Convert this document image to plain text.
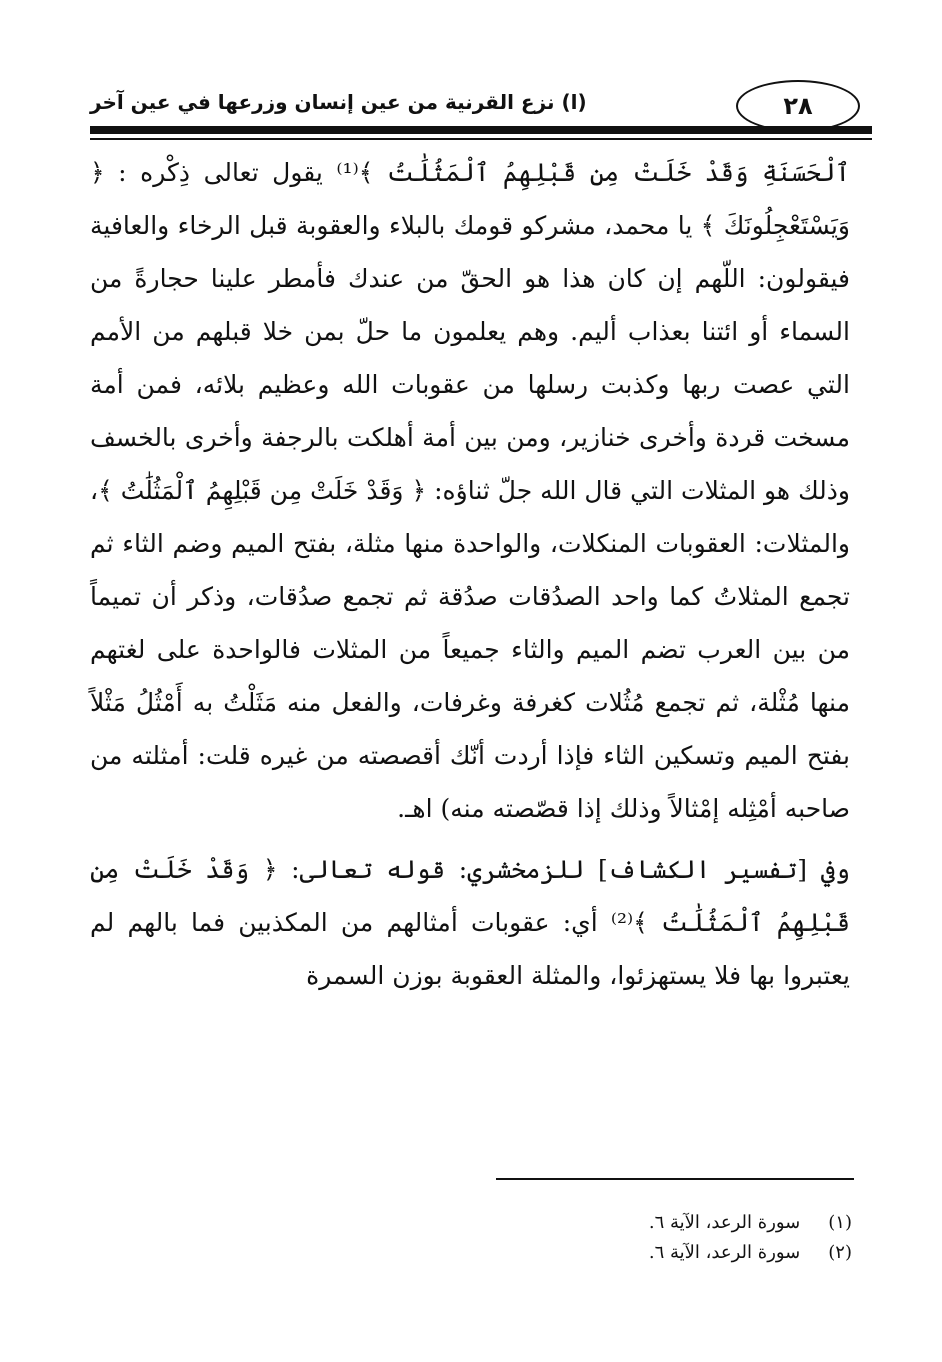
٢٨
(ا) نزع القرنية من عين إنسان وزرعها في عين آخر

ٱلْحَسَنَةِ وَقَدْ خَلَتْ مِن قَبْلِهِمُ ٱلْمَثُلَٰتُ ﴾⁽¹⁾ يقول تعالى ذِكْره : ﴿ وَيَسْتَعْجِلُونَكَ ﴾ يا محمد، مشركو قومك بالبلاء والعقوبة قبل الرخاء والعافية فيقولون: اللّهم إن كان هذا هو الحقّ من عندك فأمطر علينا حجارةً من السماء أو ائتنا بعذاب أليم. وهم يعلمون ما حلّ بمن خلا قبلهم من الأمم التي عصت ربها وكذبت رسلها من عقوبات الله وعظيم بلائه، فمن أمة مسخت قردة وأخرى خنازير، ومن بين أمة أهلكت بالرجفة وأخرى بالخسف وذلك هو المثلات التي قال الله جلّ ثناؤه: ﴿ وَقَدْ خَلَتْ مِن قَبْلِهِمُ ٱلْمَثُلَٰتُ ﴾، والمثلات: العقوبات المنكلات، والواحدة منها مثلة، بفتح الميم وضم الثاء ثم تجمع المثلاتُ كما واحد الصدُقات صدُقة ثم تجمع صدُقات، وذكر أن تميماً من بين العرب تضم الميم والثاء جميعاً من المثلات فالواحدة على لغتهم منها مُثْلة، ثم تجمع مُثُلات كغرفة وغرفات، والفعل منه مَثَلْتُ به أَمْثُلُ مَثْلاً بفتح الميم وتسكين الثاء فإذا أردت أنّك أقصصته من غيره قلت: أمثلته من صاحبه أمْثِله إمْثالاً وذلك إذا قصّصته منه) اهـ.

وفي [تفسير الكشاف] للزمخشري: قوله تعالى: ﴿ وَقَدْ خَلَتْ مِن قَبْلِهِمُ ٱلْمَثُلَٰتُ ﴾⁽²⁾ أي: عقوبات أمثالهم من المكذبين فما بالهم لم يعتبروا بها فلا يستهزئوا، والمثلة العقوبة بوزن السمرة

(١) سورة الرعد، الآية ٦.
(٢) سورة الرعد، الآية ٦.
